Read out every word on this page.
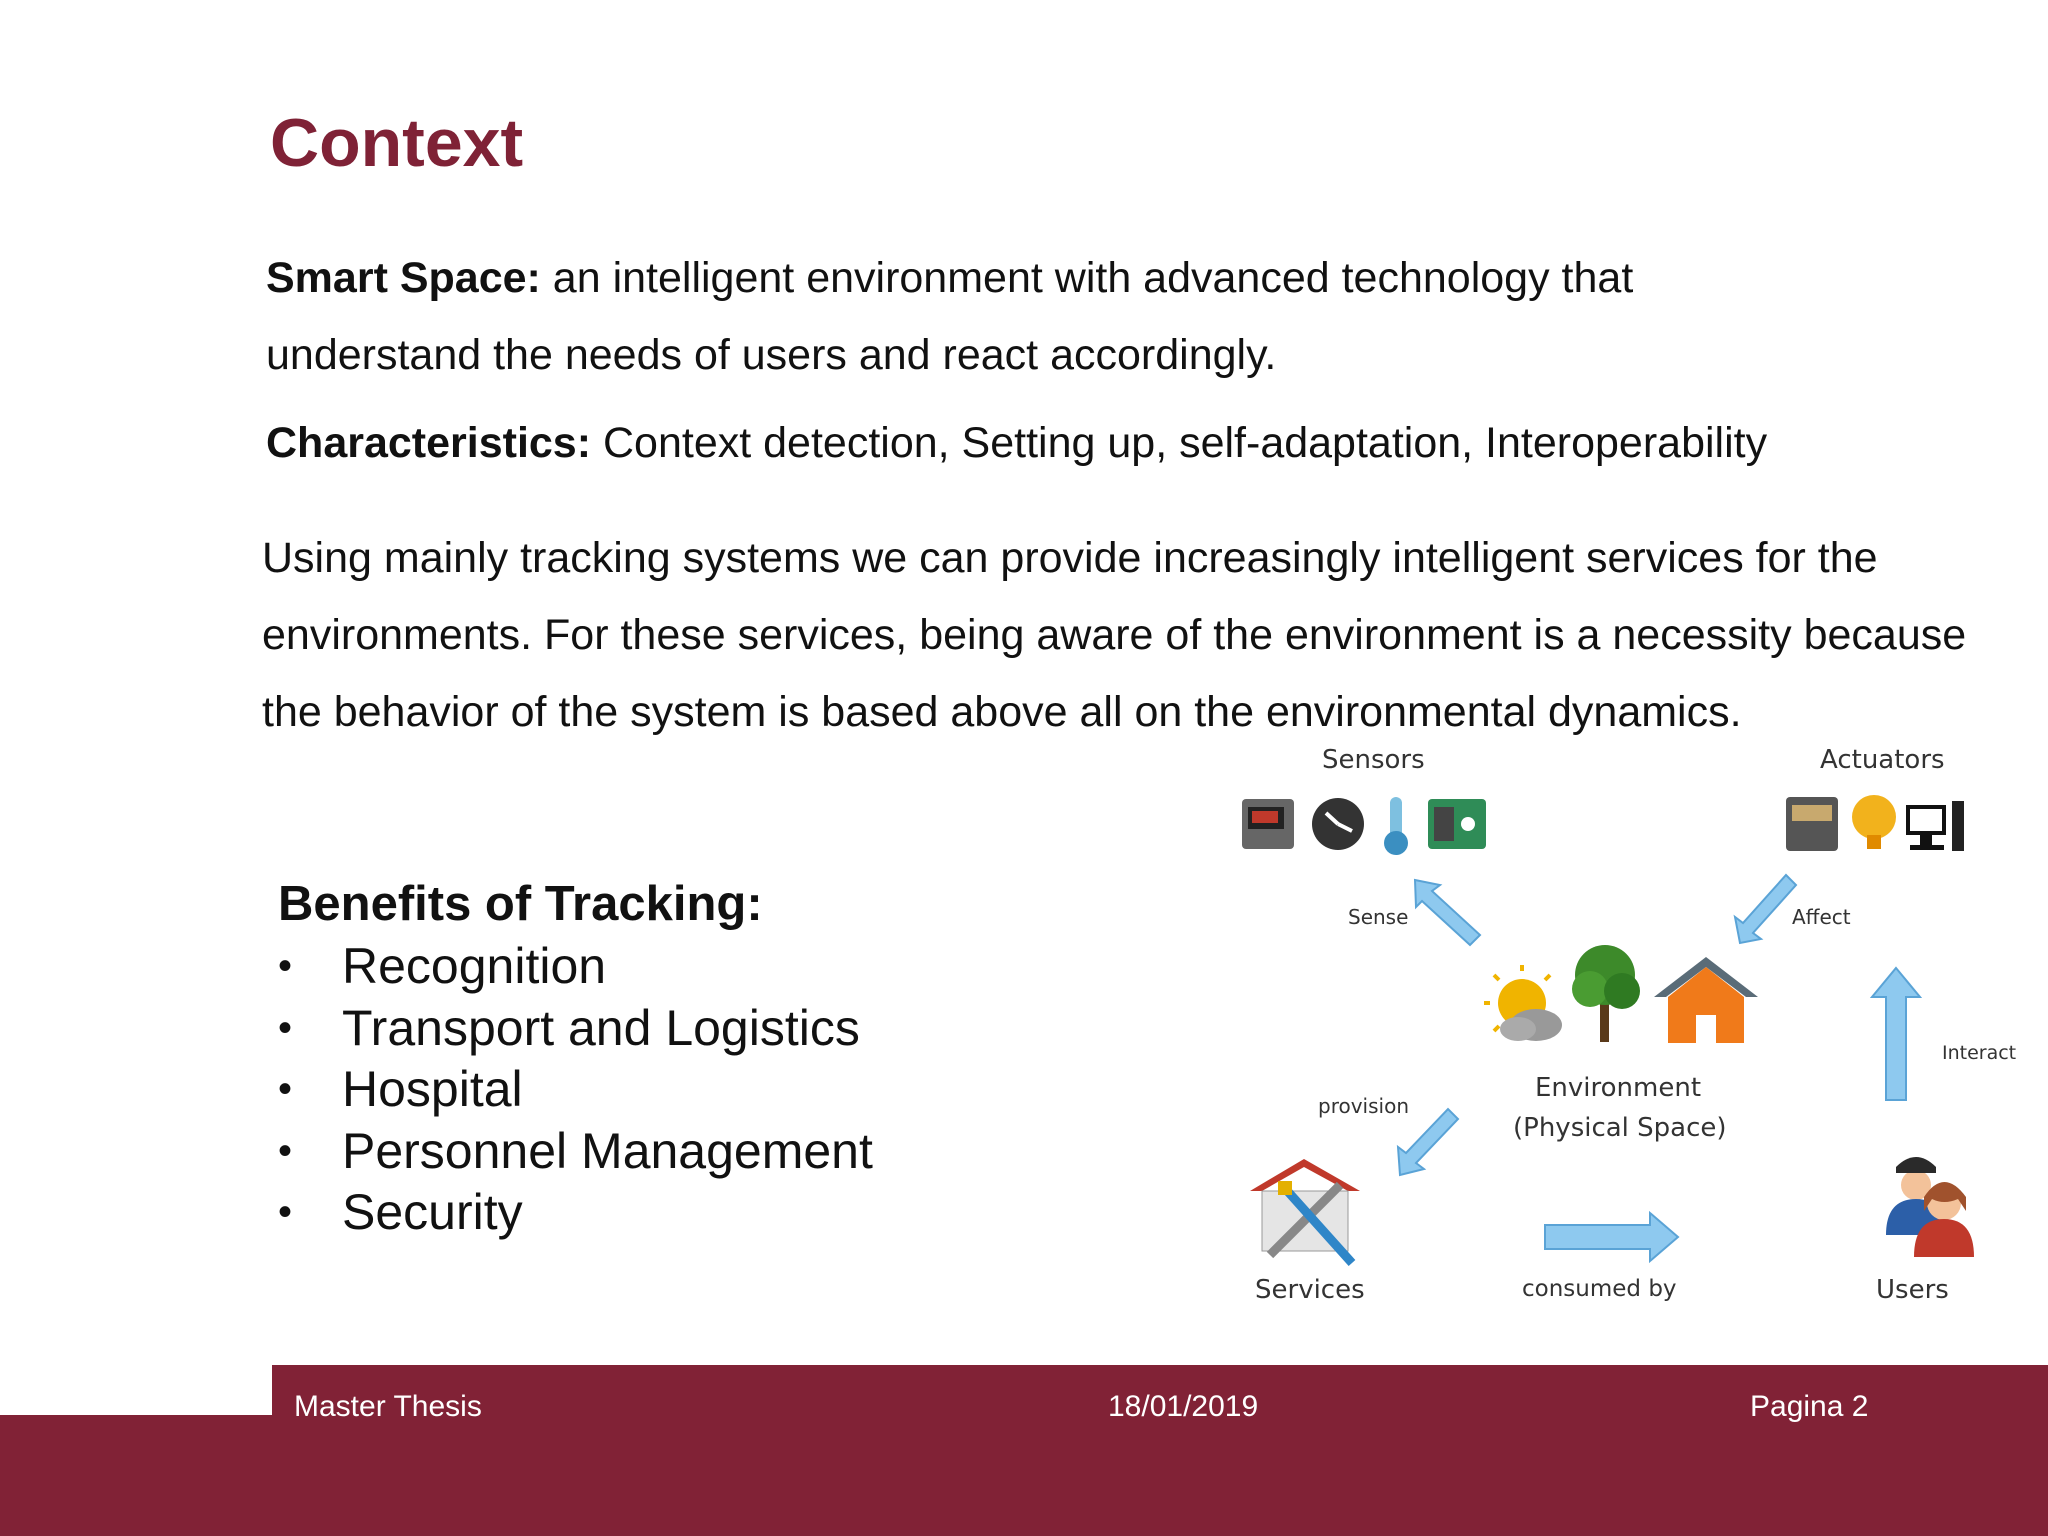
Context

Smart Space: an intelligent environment with advanced technology that understand the needs of users and react accordingly.

Characteristics: Context detection, Setting up, self-adaptation, Interoperability

Using mainly tracking systems we can provide increasingly intelligent services for the environments. For these services, being aware of the environment is a necessity because the behavior of the system is based above all on the environmental dynamics.

Benefits of Tracking:
• Recognition
• Transport and Logistics
• Hospital
• Personnel Management
• Security
Sensors	Actuators
Sense	Affect
Interact
provision
Environment
(Physical Space)
Services	consumed by	Users
Master Thesis	18/01/2019	Pagina 2
